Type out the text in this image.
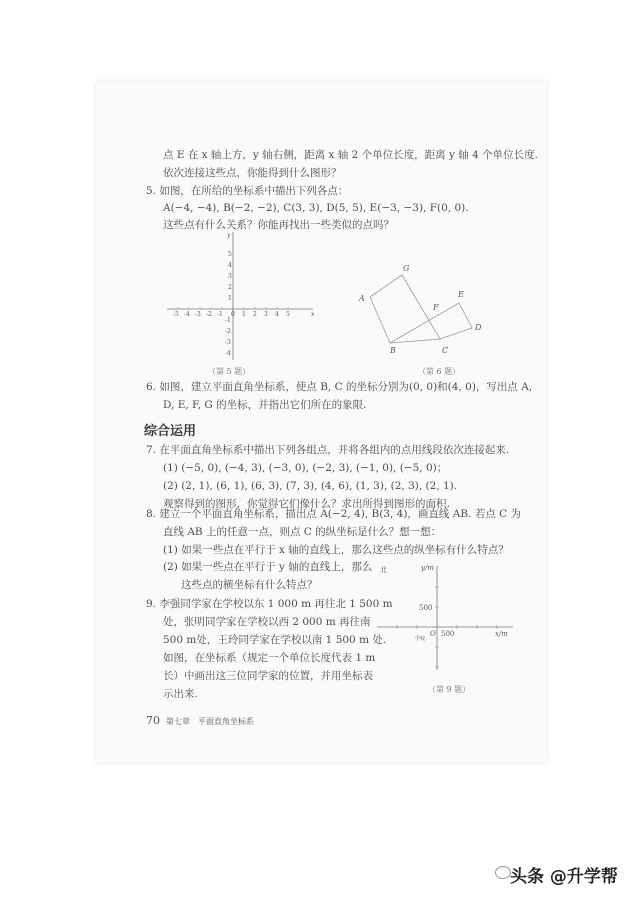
点 E 在 x 轴上方，y 轴右侧，距离 x 轴 2 个单位长度，距离 y 轴 4 个单位长度.
依次连接这些点，你能得到什么图形？
5. 如图，在所给的坐标系中描出下列各点：
A(−4, −4), B(−2, −2), C(3, 3), D(5, 5), E(−3, −3), F(0, 0).
这些点有什么关系？你能再找出一些类似的点吗？
-5 -4 -3 -2 -1 0 1 2 3 4 5
5
4
3
2
1
-1
-2
-3
-4
x
y
（第 5 题）
A
G
F
E
D
B	C
（第 6 题）
6. 如图，建立平面直角坐标系，使点 B, C 的坐标分别为(0, 0)和(4, 0)，写出点 A,
D, E, F, G 的坐标，并指出它们所在的象限.
综合运用
7. 在平面直角坐标系中描出下列各组点，并将各组内的点用线段依次连接起来.
(1) (−5, 0), (−4, 3), (−3, 0), (−2, 3), (−1, 0), (−5, 0)；
(2) (2, 1), (6, 1), (6, 3), (7, 3), (4, 6), (1, 3), (2, 3), (2, 1).
观察得到的图形，你觉得它们像什么？求出所得到图形的面积.
8. 建立一个平面直角坐标系，描出点 A(−2, 4), B(3, 4)，画直线 AB. 若点 C 为
直线 AB 上的任意一点，则点 C 的纵坐标是什么？想一想：
(1) 如果一些点在平行于 x 轴的直线上，那么这些点的纵坐标有什么特点？
(2) 如果一些点在平行于 y 轴的直线上，那么
这些点的横坐标有什么特点？
9. 李强同学家在学校以东 1 000 m 再往北 1 500 m
处，张明同学家在学校以西 2 000 m 再往南
500 m处，王玲同学家在学校以南 1 500 m 处.
如图，在坐标系（规定一个单位长度代表 1 m
长）中画出这三位同学家的位置，并用坐标表
示出来.
北	y/m
500
O 500	x/m
学校
（第 9 题）
70 第七章　平面直角坐标系
头条 @升学帮
